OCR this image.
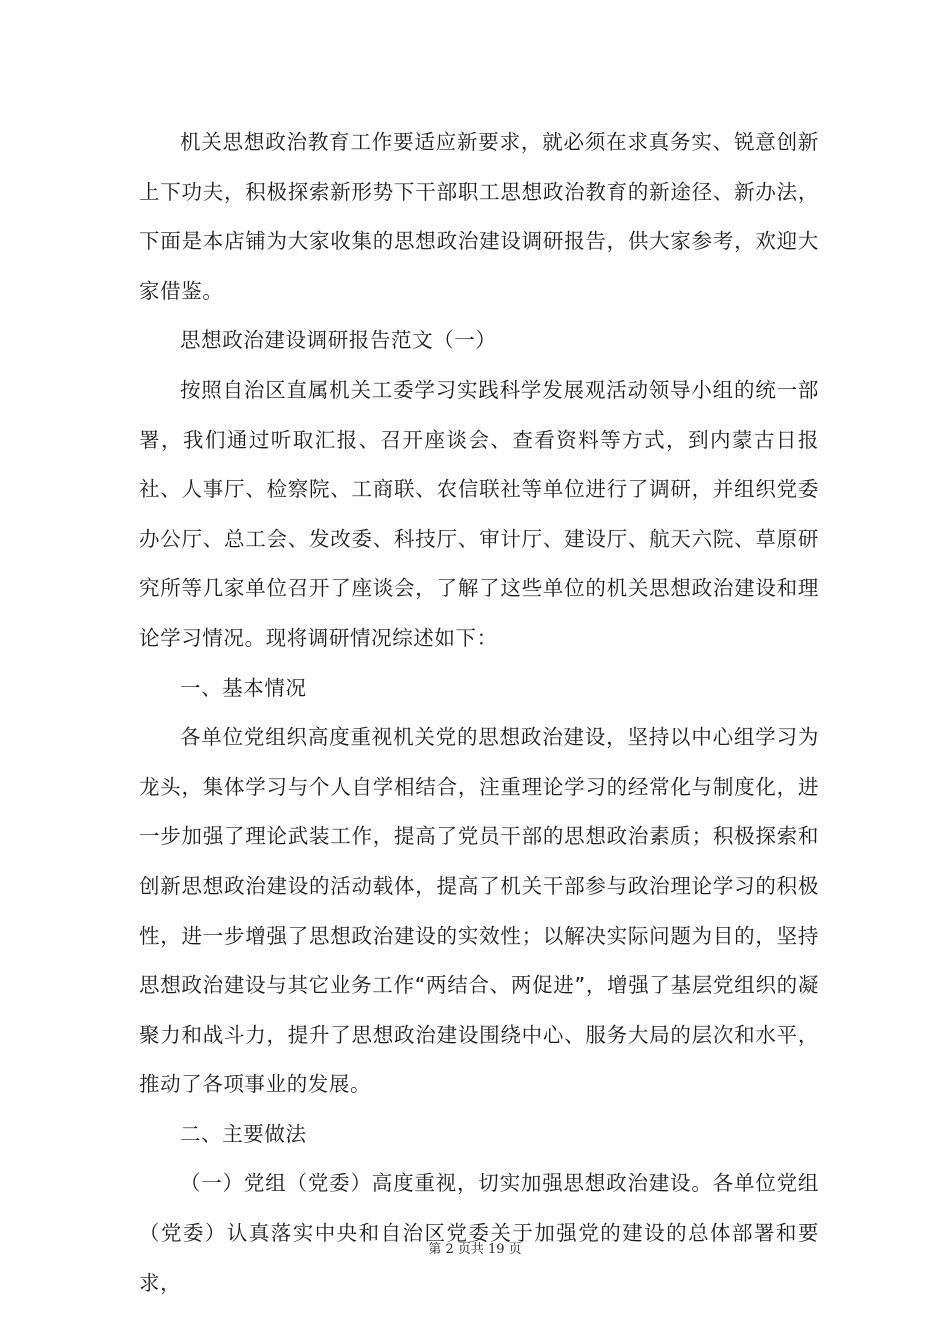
机关思想政治教育工作要适应新要求，就必须在求真务实、锐意创新上下功夫，积极探索新形势下干部职工思想政治教育的新途径、新办法，下面是本店铺为大家收集的思想政治建设调研报告，供大家参考，欢迎大家借鉴。

思想政治建设调研报告范文（一）

按照自治区直属机关工委学习实践科学发展观活动领导小组的统一部署，我们通过听取汇报、召开座谈会、查看资料等方式，到内蒙古日报社、人事厅、检察院、工商联、农信联社等单位进行了调研，并组织党委办公厅、总工会、发改委、科技厅、审计厅、建设厅、航天六院、草原研究所等几家单位召开了座谈会，了解了这些单位的机关思想政治建设和理论学习情况。现将调研情况综述如下：

一、基本情况

各单位党组织高度重视机关党的思想政治建设，坚持以中心组学习为龙头，集体学习与个人自学相结合，注重理论学习的经常化与制度化，进一步加强了理论武装工作，提高了党员干部的思想政治素质；积极探索和创新思想政治建设的活动载体，提高了机关干部参与政治理论学习的积极性，进一步增强了思想政治建设的实效性；以解决实际问题为目的，坚持思想政治建设与其它业务工作“两结合、两促进”，增强了基层党组织的凝聚力和战斗力，提升了思想政治建设围绕中心、服务大局的层次和水平，推动了各项事业的发展。

二、主要做法

（一）党组（党委）高度重视，切实加强思想政治建设。各单位党组（党委）认真落实中央和自治区党委关于加强党的建设的总体部署和要求，

第 2 页共 19 页
